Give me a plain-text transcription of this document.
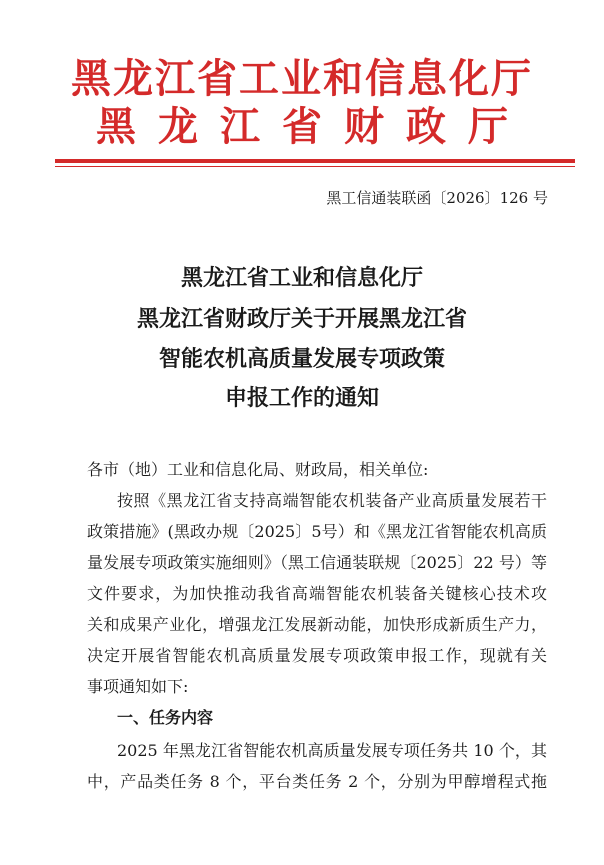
黑龙江省工业和信息化厅
黑龙江省财政厅
黑工信通装联函〔2026〕126 号
黑龙江省工业和信息化厅
黑龙江省财政厅关于开展黑龙江省
智能农机高质量发展专项政策
申报工作的通知
各市（地）工业和信息化局、财政局，相关单位:
按照《黑龙江省支持高端智能农机装备产业高质量发展若干
政策措施》(黑政办规〔2025〕5号）和《黑龙江省智能农机高质
量发展专项政策实施细则》（黑工信通装联规〔2025〕22 号）等
文件要求，为加快推动我省高端智能农机装备关键核心技术攻
关和成果产业化，增强龙江发展新动能，加快形成新质生产力，
决定开展省智能农机高质量发展专项政策申报工作，现就有关
事项通知如下:
一、任务内容
2025 年黑龙江省智能农机高质量发展专项任务共 10 个，其
中，产品类任务 8 个，平台类任务 2 个，分别为甲醇增程式拖
